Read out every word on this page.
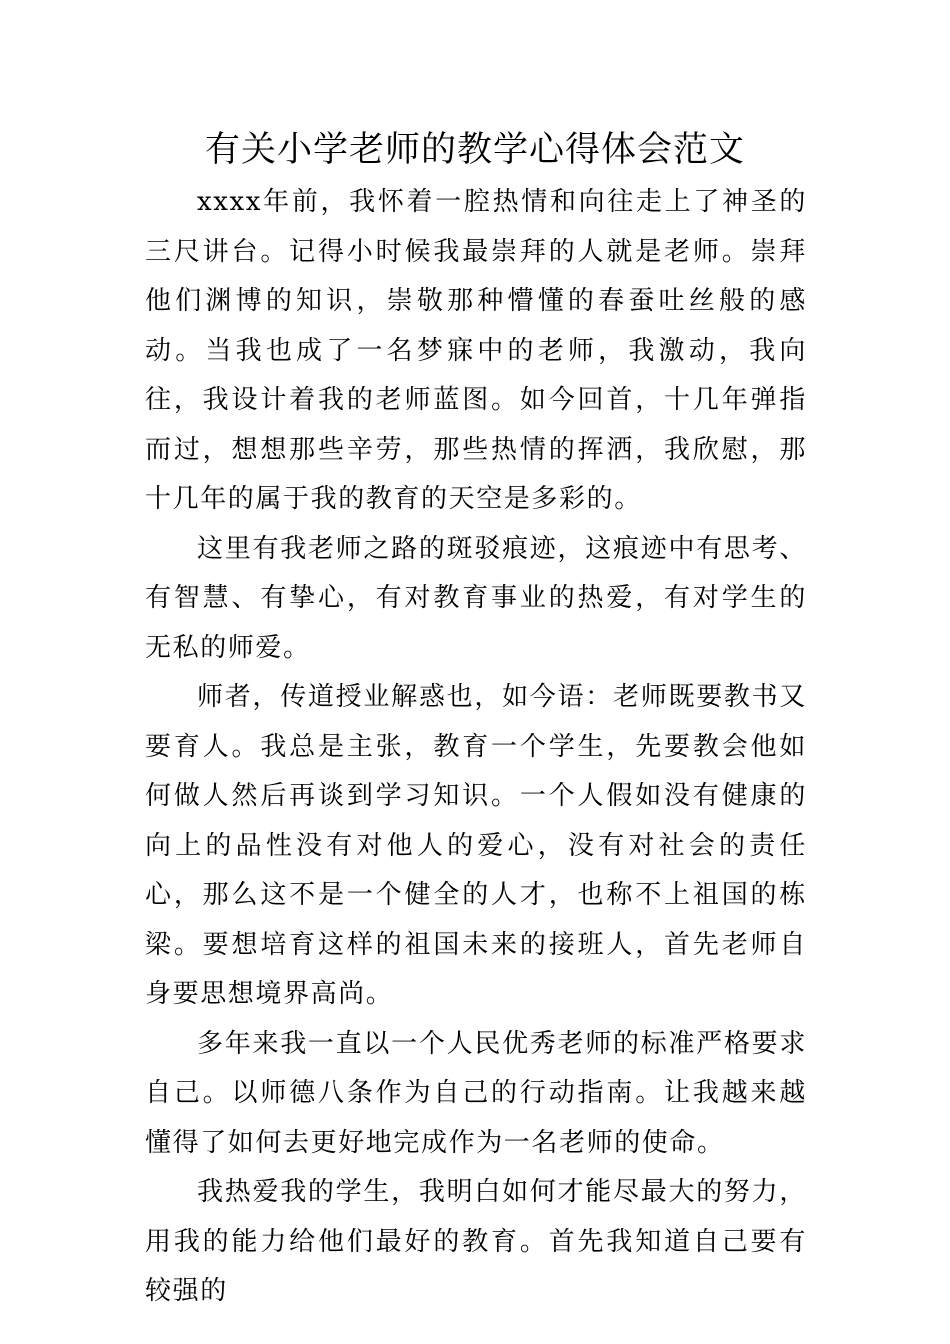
有关小学老师的教学心得体会范文

xxxx年前，我怀着一腔热情和向往走上了神圣的三尺讲台。记得小时候我最崇拜的人就是老师。崇拜他们渊博的知识，崇敬那种懵懂的春蚕吐丝般的感动。当我也成了一名梦寐中的老师，我激动，我向往，我设计着我的老师蓝图。如今回首，十几年弹指而过，想想那些辛劳，那些热情的挥洒，我欣慰，那十几年的属于我的教育的天空是多彩的。

这里有我老师之路的斑驳痕迹，这痕迹中有思考、有智慧、有挚心，有对教育事业的热爱，有对学生的无私的师爱。

师者，传道授业解惑也，如今语：老师既要教书又要育人。我总是主张，教育一个学生，先要教会他如何做人然后再谈到学习知识。一个人假如没有健康的向上的品性没有对他人的爱心，没有对社会的责任心，那么这不是一个健全的人才，也称不上祖国的栋梁。要想培育这样的祖国未来的接班人，首先老师自身要思想境界高尚。

多年来我一直以一个人民优秀老师的标准严格要求自己。以师德八条作为自己的行动指南。让我越来越懂得了如何去更好地完成作为一名老师的使命。

我热爱我的学生，我明白如何才能尽最大的努力，用我的能力给他们最好的教育。首先我知道自己要有较强的
